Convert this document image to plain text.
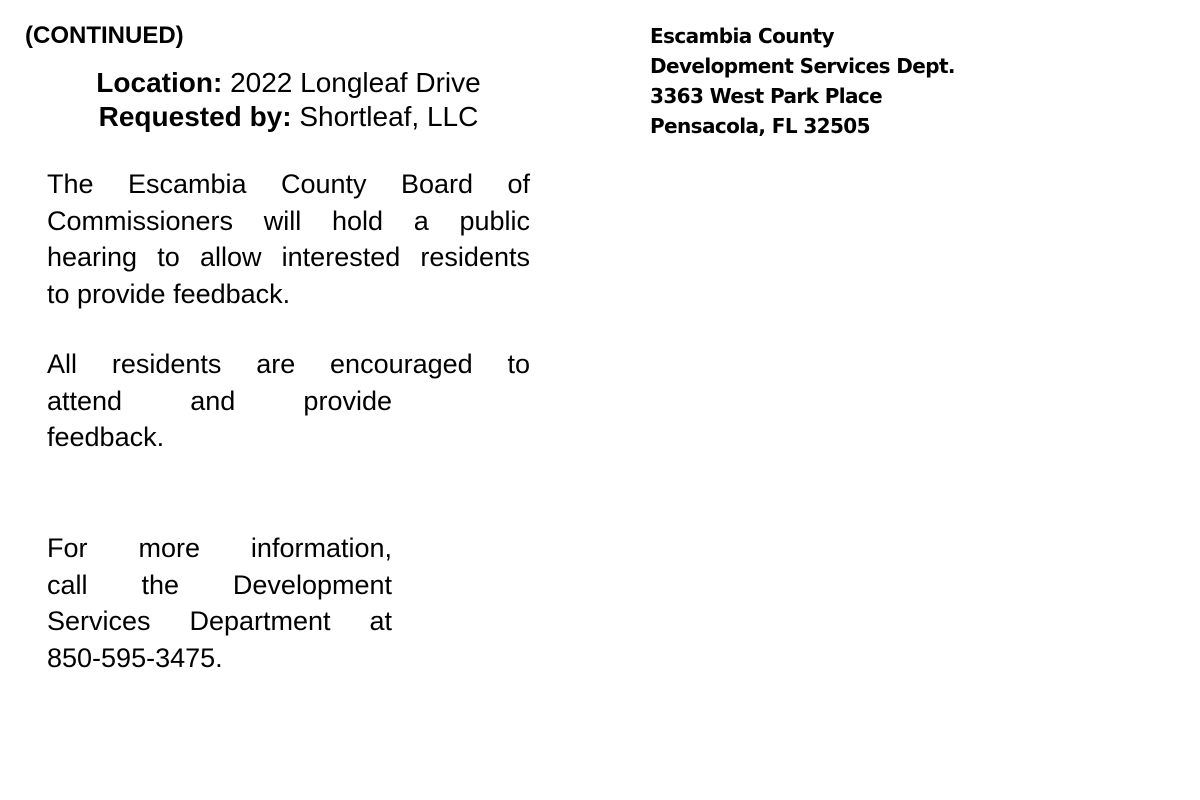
(CONTINUED)
Location: 2022 Longleaf Drive
Requested by: Shortleaf, LLC
The Escambia County Board of
Commissioners will hold a public
hearing to allow interested residents
to provide feedback.
All residents are encouraged to
attend and provide
feedback.
For more information,
call the Development
Services Department at
850-595-3475.
Escambia County
Development Services Dept.
3363 West Park Place
Pensacola, FL 32505
